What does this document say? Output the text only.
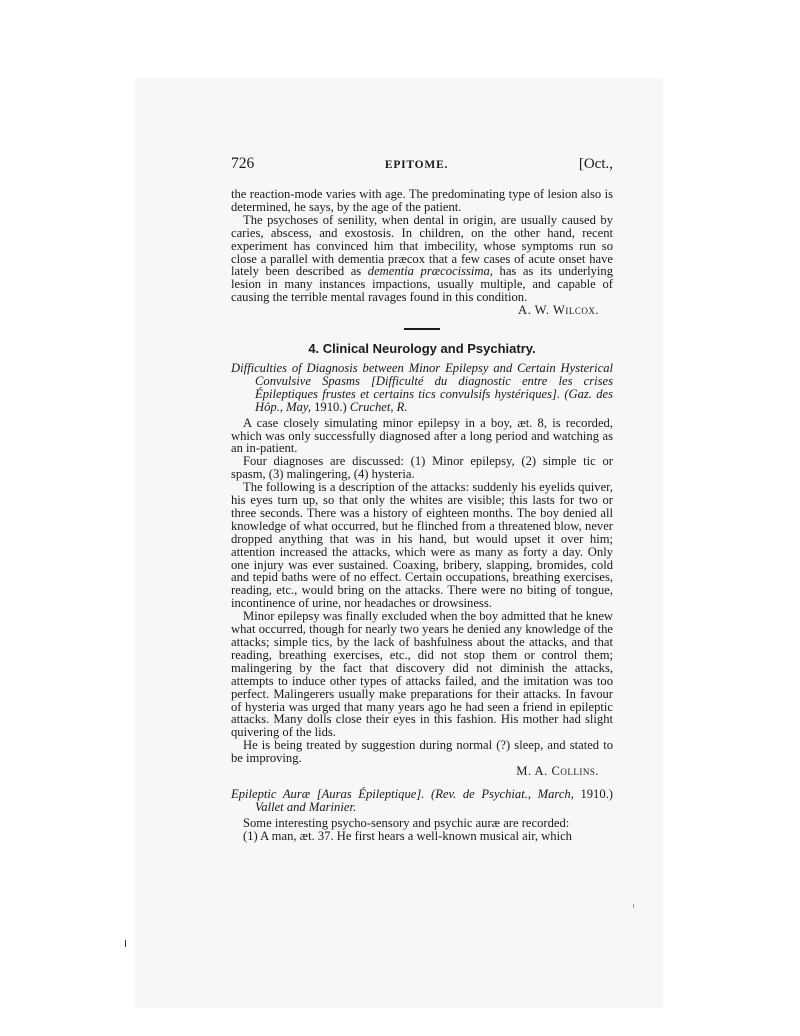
726	EPITOME.	[Oct.,

the reaction-mode varies with age. The predominating type of lesion also is determined, he says, by the age of the patient.

The psychoses of senility, when dental in origin, are usually caused by caries, abscess, and exostosis. In children, on the other hand, recent experiment has convinced him that imbecility, whose symptoms run so close a parallel with dementia præcox that a few cases of acute onset have lately been described as dementia præcocissima, has as its underlying lesion in many instances impactions, usually multiple, and capable of causing the terrible mental ravages found in this condition.

A. W. Wilcox.

4. Clinical Neurology and Psychiatry.

Difficulties of Diagnosis between Minor Epilepsy and Certain Hysterical Convulsive Spasms [Difficulté du diagnostic entre les crises Épileptiques frustes et certains tics convulsifs hystériques]. (Gaz. des Hôp., May, 1910.) Cruchet, R.

A case closely simulating minor epilepsy in a boy, æt. 8, is recorded, which was only successfully diagnosed after a long period and watching as an in-patient.

Four diagnoses are discussed: (1) Minor epilepsy, (2) simple tic or spasm, (3) malingering, (4) hysteria.

The following is a description of the attacks: suddenly his eyelids quiver, his eyes turn up, so that only the whites are visible; this lasts for two or three seconds. There was a history of eighteen months. The boy denied all knowledge of what occurred, but he flinched from a threatened blow, never dropped anything that was in his hand, but would upset it over him; attention increased the attacks, which were as many as forty a day. Only one injury was ever sustained. Coaxing, bribery, slapping, bromides, cold and tepid baths were of no effect. Certain occupations, breathing exercises, reading, etc., would bring on the attacks. There were no biting of tongue, incontinence of urine, nor headaches or drowsiness.

Minor epilepsy was finally excluded when the boy admitted that he knew what occurred, though for nearly two years he denied any knowledge of the attacks; simple tics, by the lack of bashfulness about the attacks, and that reading, breathing exercises, etc., did not stop them or control them; malingering by the fact that discovery did not diminish the attacks, attempts to induce other types of attacks failed, and the imitation was too perfect. Malingerers usually make preparations for their attacks. In favour of hysteria was urged that many years ago he had seen a friend in epileptic attacks. Many dolls close their eyes in this fashion. His mother had slight quivering of the lids.

He is being treated by suggestion during normal (?) sleep, and stated to be improving.

M. A. Collins.

Epileptic Auræ [Auras Épileptique]. (Rev. de Psychiat., March, 1910.) Vallet and Marinier.

Some interesting psycho-sensory and psychic auræ are recorded:

(1) A man, æt. 37. He first hears a well-known musical air, which
